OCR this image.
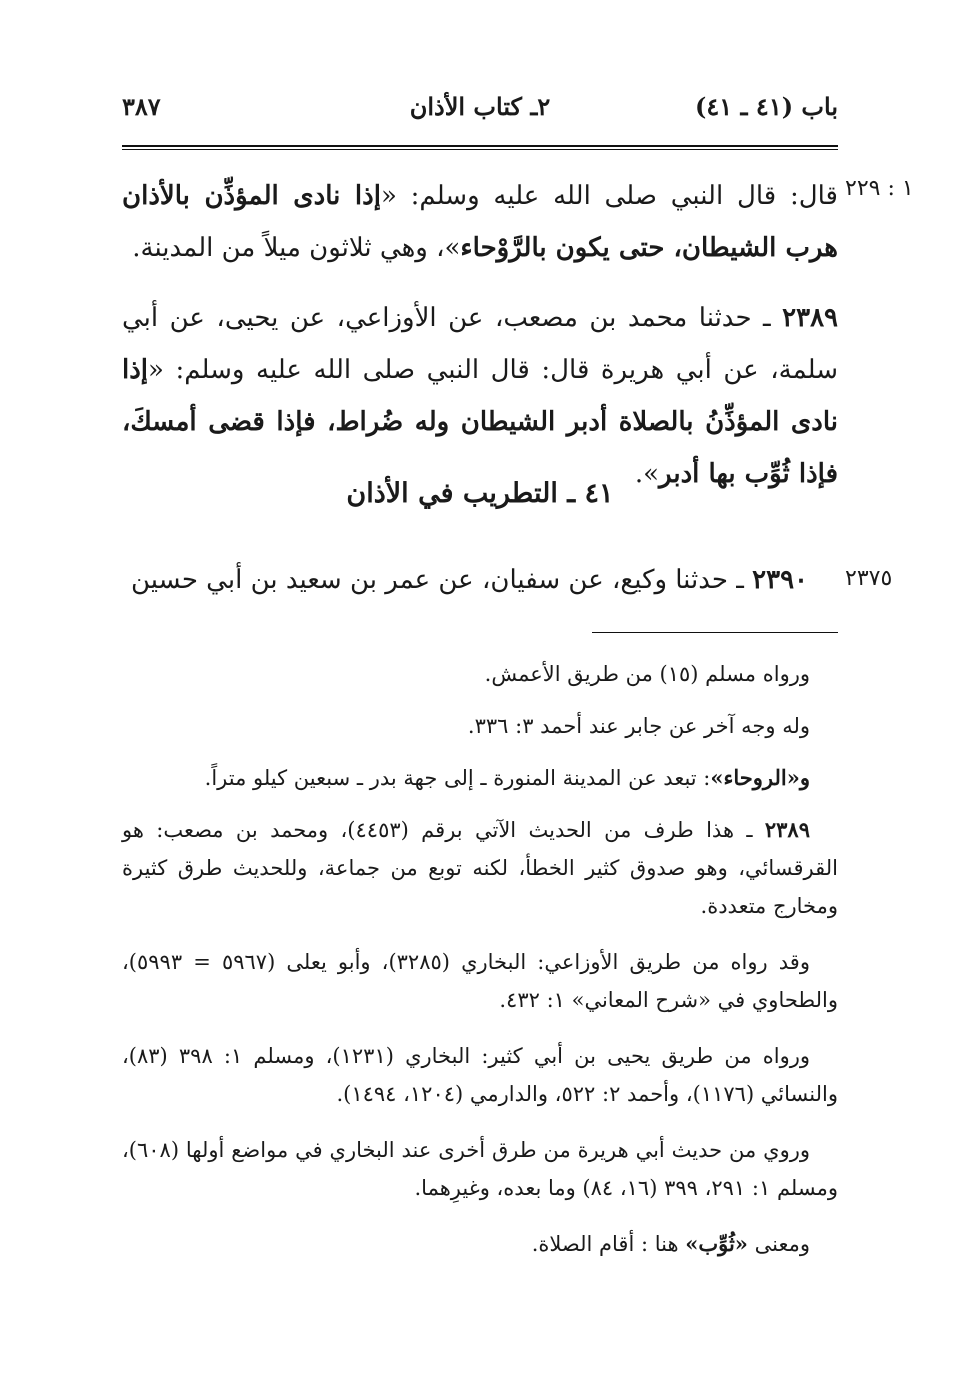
باب (٤١ ـ ٤١)
٢ـ كتاب الأذان
٣٨٧
١ : ٢٢٩
قال: قال النبي صلى الله عليه وسلم: «إذا نادى المؤذِّن بالأذان هرب الشيطان، حتى يكون بالرَّوْحاء»، وهي ثلاثون ميلاً من المدينة.
٢٣٨٩ ـ حدثنا محمد بن مصعب، عن الأوزاعي، عن يحيى، عن أبي سلمة، عن أبي هريرة قال: قال النبي صلى الله عليه وسلم: «إذا نادى المؤذِّنُ بالصلاة أدبر الشيطان وله ضُراط، فإذا قضى أمسكَ، فإذا ثُوِّب بها أدبر».
٤١ ـ التطريب في الأذان
٢٣٧٥
٢٣٩٠ ـ حدثنا وكيع، عن سفيان، عن عمر بن سعيد بن أبي حسين

ورواه مسلم (١٥) من طريق الأعمش.

وله وجه آخر عن جابر عند أحمد ٣: ٣٣٦.

و«الروحاء»: تبعد عن المدينة المنورة ـ إلى جهة بدر ـ سبعين كيلو متراً.

٢٣٨٩ ـ هذا طرف من الحديث الآتي برقم (٤٤٥٣)، ومحمد بن مصعب: هو القرقسائي، وهو صدوق كثير الخطأ، لكنه توبع من جماعة، وللحديث طرق كثيرة ومخارج متعددة.

وقد رواه من طريق الأوزاعي: البخاري (٣٢٨٥)، وأبو يعلى (٥٩٦٧ = ٥٩٩٣)، والطحاوي في «شرح المعاني» ١: ٤٣٢.

ورواه من طريق يحيى بن أبي كثير: البخاري (١٢٣١)، ومسلم ١: ٣٩٨ (٨٣)، والنسائي (١١٧٦)، وأحمد ٢: ٥٢٢، والدارمي (١٢٠٤، ١٤٩٤).

وروي من حديث أبي هريرة من طرق أخرى عند البخاري في مواضع أولها (٦٠٨)، ومسلم ١: ٢٩١، ٣٩٩ (١٦، ٨٤) وما بعده، وغيرِهما.

ومعنى «ثُوِّب» هنا : أقام الصلاة.
